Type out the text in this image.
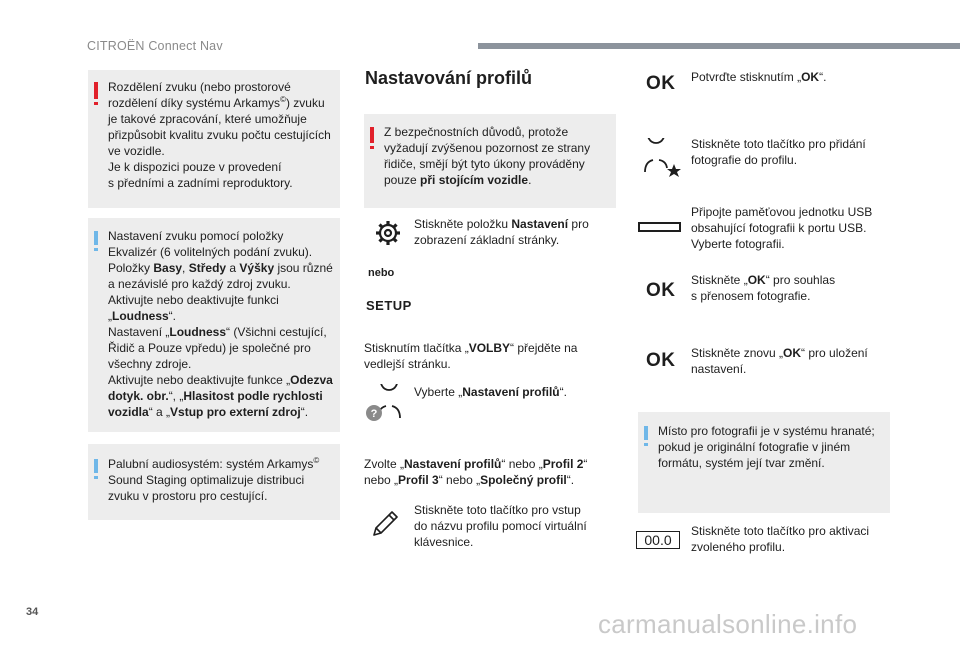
CITROËN Connect Nav
Rozdělení zvuku (nebo prostorové
rozdělení díky systému Arkamys©) zvuku
je takové zpracování, které umožňuje
přizpůsobit kvalitu zvuku počtu cestujících
ve vozidle.
Je k dispozici pouze v provedení
s předními a zadními reproduktory.
Nastavení zvuku pomocí položky
Ekvalizér (6 volitelných podání zvuku).
Položky Basy, Středy a Výšky jsou různé
a nezávislé pro každý zdroj zvuku.
Aktivujte nebo deaktivujte funkci
„Loudness“.
Nastavení „Loudness“ (Všichni cestující,
Řidič a Pouze vpředu) je společné pro
všechny zdroje.
Aktivujte nebo deaktivujte funkce „Odezva
dotyk. obr.“, „Hlasitost podle rychlosti
vozidla“ a „Vstup pro externí zdroj“.
Palubní audiosystém: systém Arkamys©
Sound Staging optimalizuje distribuci
zvuku v prostoru pro cestující.
Nastavování profilů
Z bezpečnostních důvodů, protože
vyžadují zvýšenou pozornost ze strany
řidiče, smějí být tyto úkony prováděny
pouze při stojícím vozidle.
Stiskněte položku Nastavení pro
zobrazení základní stránky.
nebo
SETUP
Stisknutím tlačítka „VOLBY“ přejděte na
vedlejší stránku.
?
Vyberte „Nastavení profilů“.
Zvolte „Nastavení profilů“ nebo „Profil 2“
nebo „Profil 3“ nebo „Společný profil“.
Stiskněte toto tlačítko pro vstup
do názvu profilu pomocí virtuální
klávesnice.
OK Potvrďte stisknutím „OK“.
Stiskněte toto tlačítko pro přidání
fotografie do profilu.
Připojte paměťovou jednotku USB
obsahující fotografii k portu USB.
Vyberte fotografii.
OK Stiskněte „OK“ pro souhlas
s přenosem fotografie.
OK Stiskněte znovu „OK“ pro uložení
nastavení.
Místo pro fotografii je v systému hranaté;
pokud je originální fotografie v jiném
formátu, systém její tvar změní.
00.0
Stiskněte toto tlačítko pro aktivaci
zvoleného profilu.
34	carmanualsonline.info
